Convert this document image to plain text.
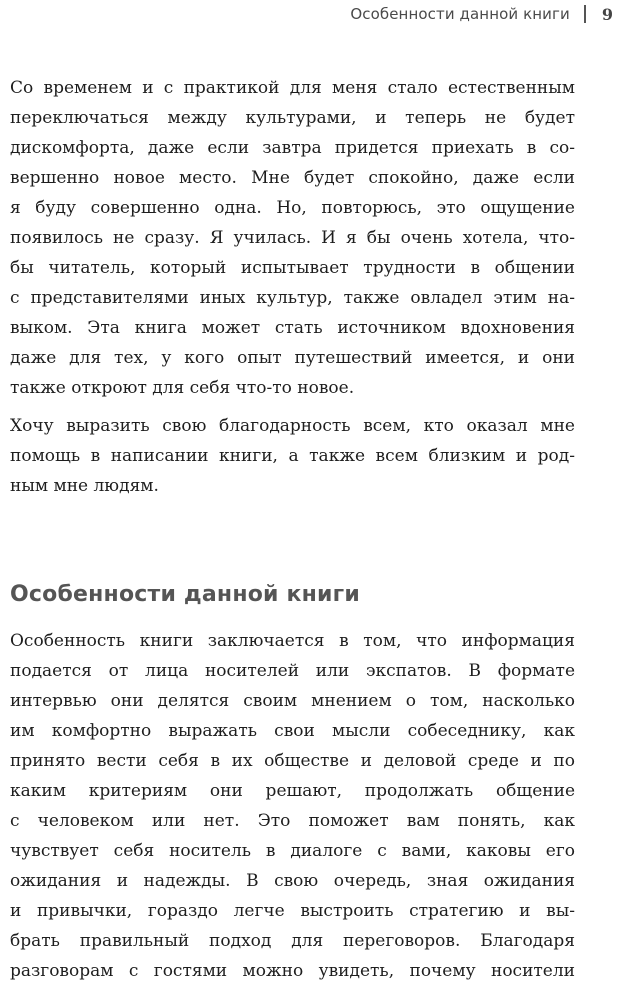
Особенности данной книги 9

Со временем и с практикой для меня стало естественным
переключаться между культурами, и теперь не будет
дискомфорта, даже если завтра придется приехать в со-
вершенно новое место. Мне будет спокойно, даже если
я буду совершенно одна. Но, повторюсь, это ощущение
появилось не сразу. Я училась. И я бы очень хотела, что-
бы читатель, который испытывает трудности в общении
с представителями иных культур, также овладел этим на-
выком. Эта книга может стать источником вдохновения
даже для тех, у кого опыт путешествий имеется, и они
также откроют для себя что-то новое.

Хочу выразить свою благодарность всем, кто оказал мне
помощь в написании книги, а также всем близким и род-
ным мне людям.

Особенности данной книги

Особенность книги заключается в том, что информация
подается от лица носителей или экспатов. В формате
интервью они делятся своим мнением о том, насколько
им комфортно выражать свои мысли собеседнику, как
принято вести себя в их обществе и деловой среде и по
каким критериям они решают, продолжать общение
с человеком или нет. Это поможет вам понять, как
чувствует себя носитель в диалоге с вами, каковы его
ожидания и надежды. В свою очередь, зная ожидания
и привычки, гораздо легче выстроить стратегию и вы-
брать правильный подход для переговоров. Благодаря
разговорам с гостями можно увидеть, почему носители
